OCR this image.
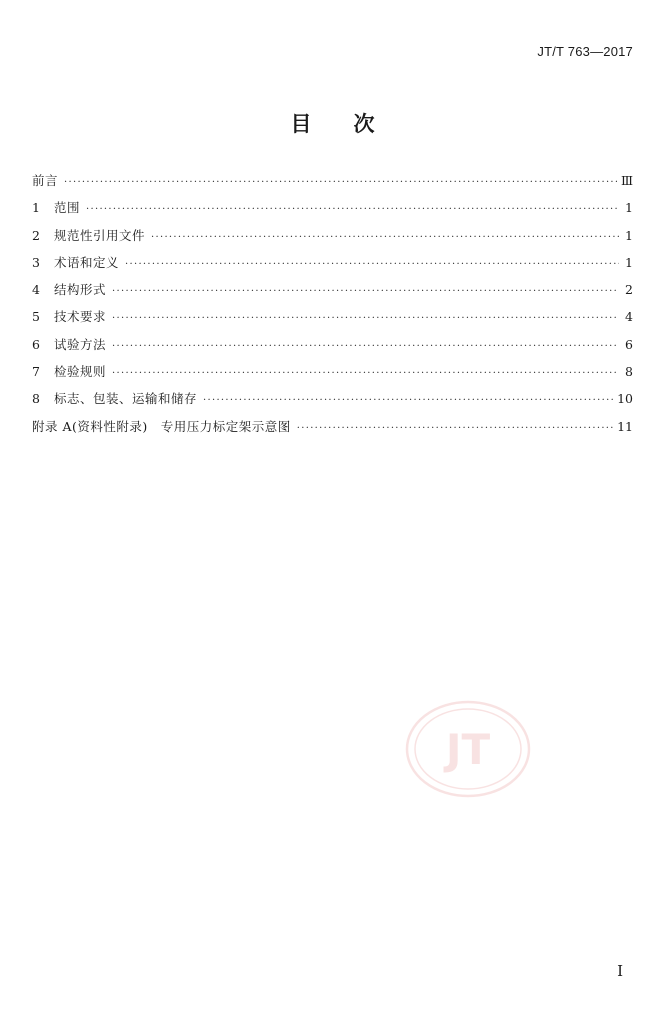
JT/T 763—2017
目次
前言 ·····	Ⅲ
1	范围 ·····	1
2	规范性引用文件 ·····	1
3	术语和定义 ·····	1
4	结构形式 ·····	2
5	技术要求 ·····	4
6	试验方法 ·····	6
7	检验规则 ·····	8
8	标志、包装、运输和储存 ·····	10
附录 A(资料性附录)　专用压力标定架示意图 ·····	11
JT
Ⅰ
